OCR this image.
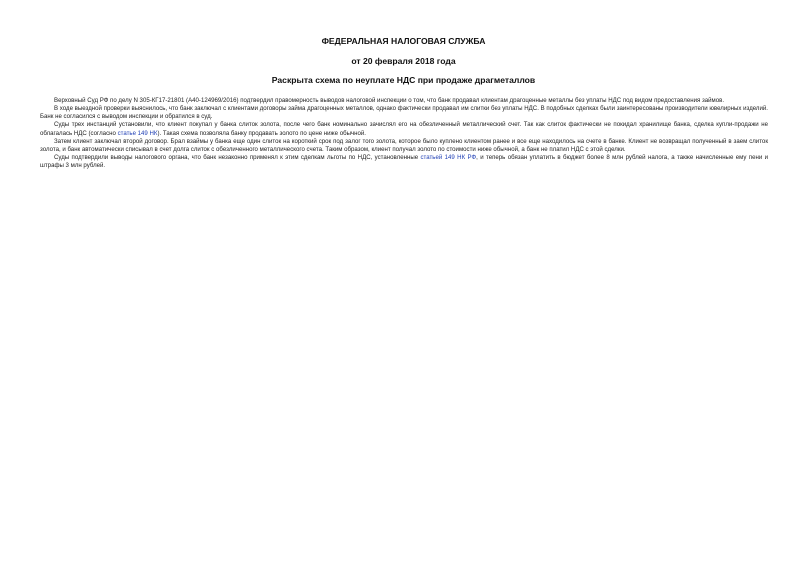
ФЕДЕРАЛЬНАЯ НАЛОГОВАЯ СЛУЖБА
от 20 февраля 2018 года
Раскрыта схема по неуплате НДС при продаже драгметаллов

Верховный Суд РФ по делу N 305-КГ17-21801 (А40-124969/2016) подтвердил правомерность выводов налоговой инспекции о том, что банк продавал клиентам драгоценные металлы без уплаты НДС под видом предоставления займов.

В ходе выездной проверки выяснилось, что банк заключал с клиентами договоры займа драгоценных металлов, однако фактически продавал им слитки без уплаты НДС. В подобных сделках были заинтересованы производители ювелирных изделий. Банк не согласился с выводом инспекции и обратился в суд.

Суды трех инстанций установили, что клиент покупал у банка слиток золота, после чего банк номинально зачислял его на обезличенный металлический счет. Так как слиток фактически не покидал хранилище банка, сделка купли-продажи не облагалась НДС (согласно статье 149 НК). Такая схема позволяла банку продавать золото по цене ниже обычной.

Затем клиент заключал второй договор. Брал взаймы у банка еще один слиток на короткий срок под залог того золота, которое было куплено клиентом ранее и все еще находилось на счете в банке. Клиент не возвращал полученный в заем слиток золота, и банк автоматически списывал в счет долга слиток с обезличенного металлического счета. Таким образом, клиент получал золото по стоимости ниже обычной, а банк не платил НДС с этой сделки.

Суды подтвердили выводы налогового органа, что банк незаконно применял к этим сделкам льготы по НДС, установленные статьей 149 НК РФ, и теперь обязан уплатить в бюджет более 8 млн рублей налога, а также начисленные ему пени и штрафы 3 млн рублей.
